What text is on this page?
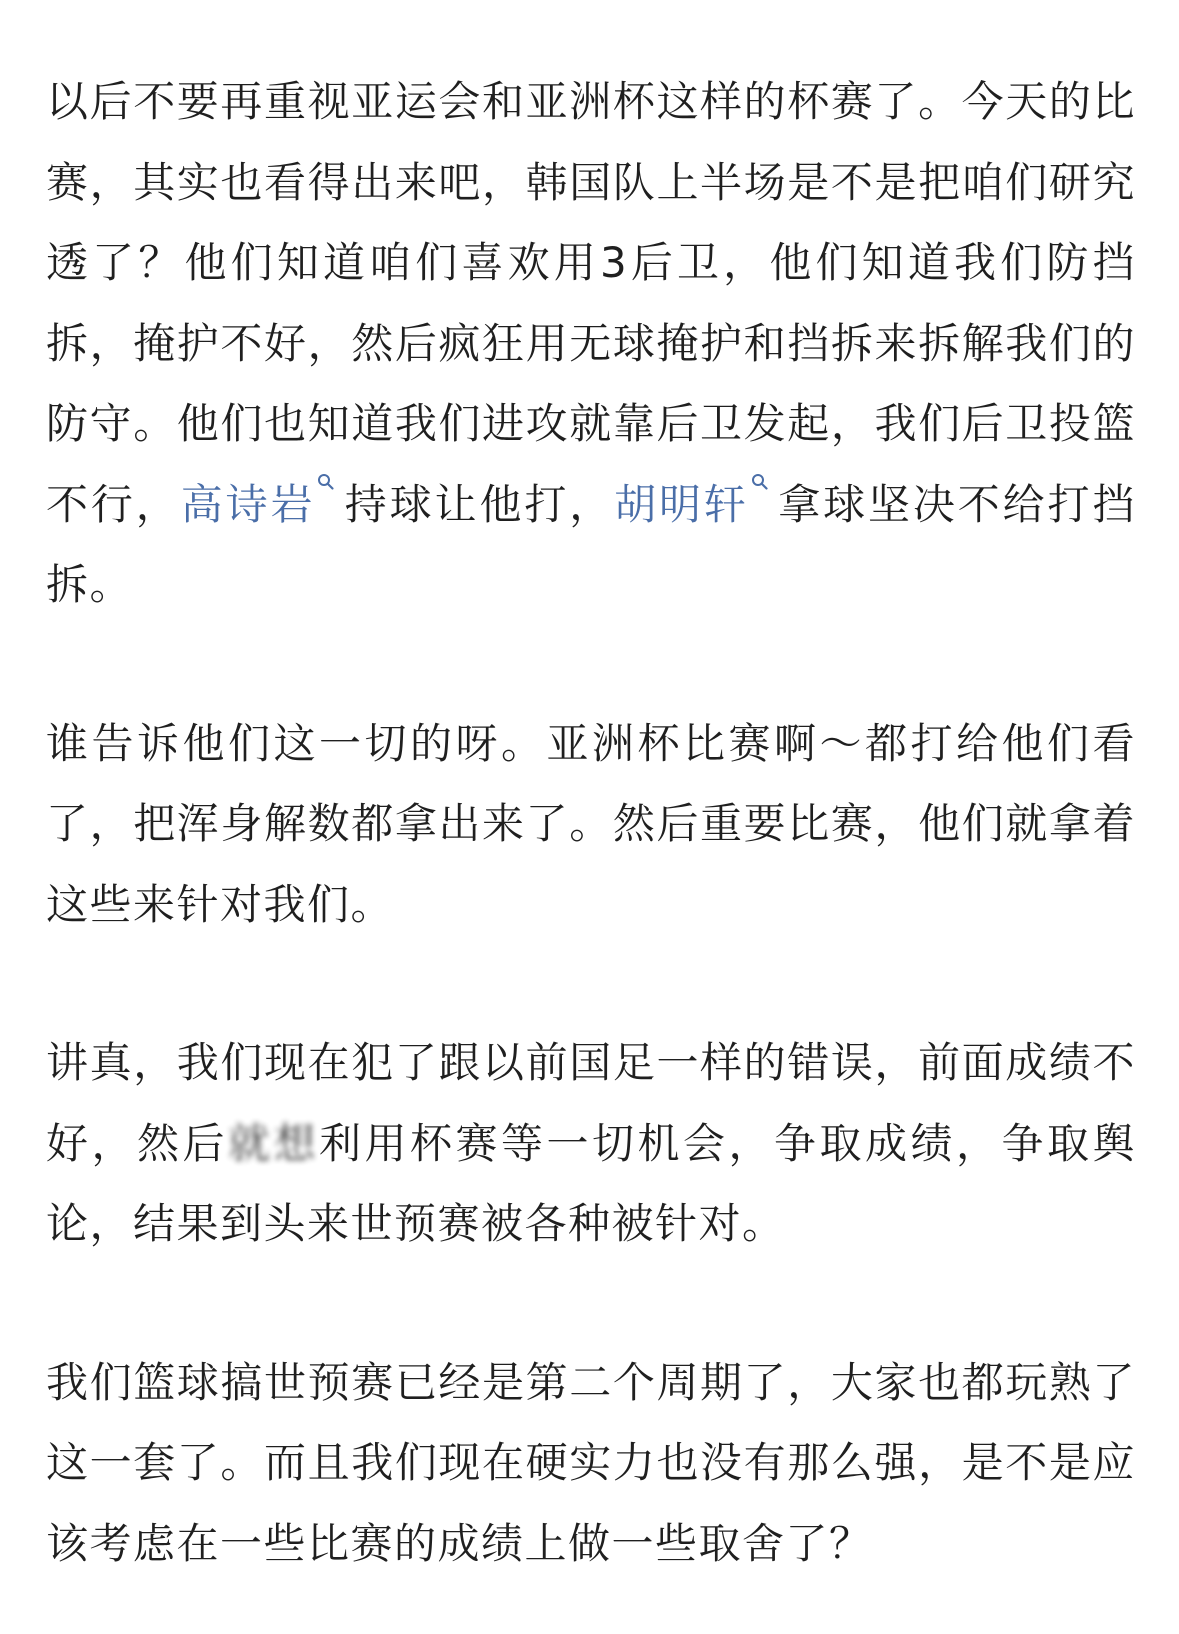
以后不要再重视亚运会和亚洲杯这样的杯赛了。今天的比赛，其实也看得出来吧，韩国队上半场是不是把咱们研究透了？他们知道咱们喜欢用3后卫，他们知道我们防挡拆，掩护不好，然后疯狂用无球掩护和挡拆来拆解我们的防守。他们也知道我们进攻就靠后卫发起，我们后卫投篮不行，高诗岩 持球让他打，胡明轩 拿球坚决不给打挡拆。

谁告诉他们这一切的呀。亚洲杯比赛啊～都打给他们看了，把浑身解数都拿出来了。然后重要比赛，他们就拿着这些来针对我们。

讲真，我们现在犯了跟以前国足一样的错误，前面成绩不好，然后就想利用杯赛等一切机会，争取成绩，争取舆论，结果到头来世预赛被各种被针对。

我们篮球搞世预赛已经是第二个周期了，大家也都玩熟了这一套了。而且我们现在硬实力也没有那么强，是不是应该考虑在一些比赛的成绩上做一些取舍了？
